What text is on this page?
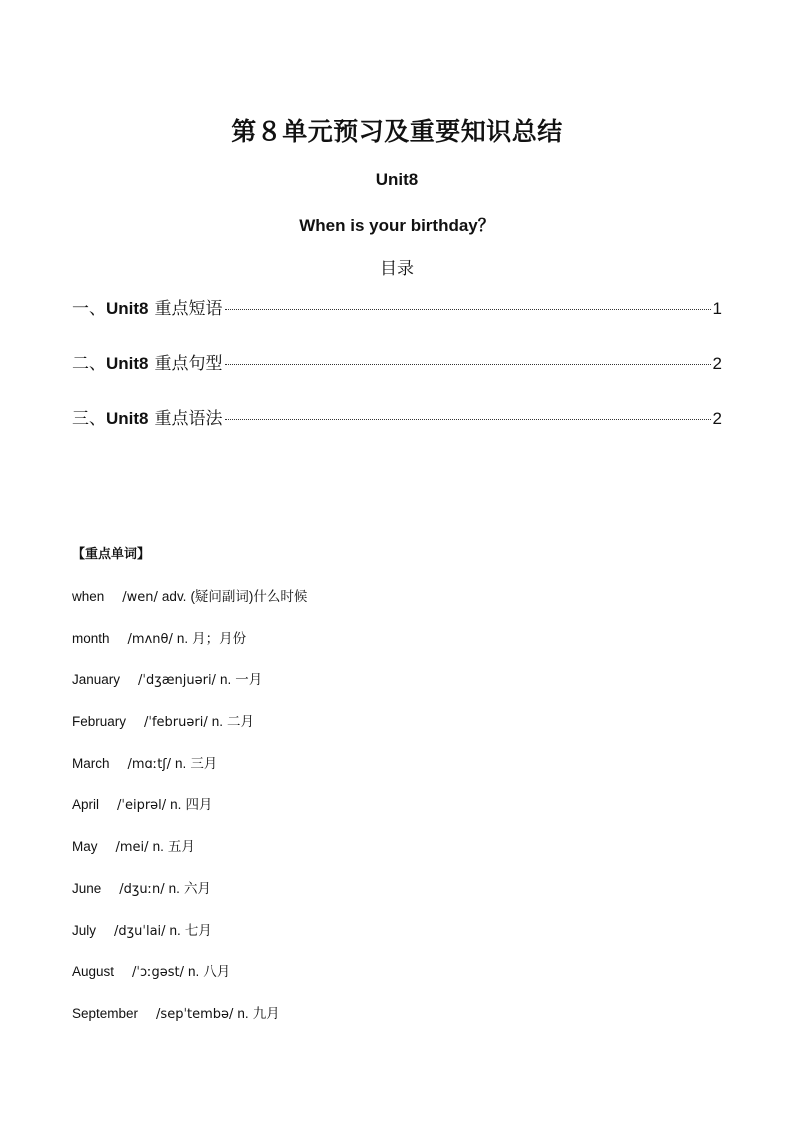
第８单元预习及重要知识总结
Unit8
When is your birthday？
目录
一、 Unit8 重点短语	1
二、 Unit8 重点句型	2
三、 Unit8 重点语法	2
【重点单词】
when /wen/ adv. (疑问副词)什么时候
month /mʌnθ/ n. 月；月份
January /ˈdʒænjuəri/ n. 一月
February /ˈfebruəri/ n. 二月
March /mɑːtʃ/ n. 三月
April /ˈeiprəl/ n. 四月
May /mei/ n. 五月
June /dʒuːn/ n. 六月
July /dʒuˈlai/ n. 七月
August /ˈɔːgəst/ n. 八月
September /sepˈtembə/ n. 九月
